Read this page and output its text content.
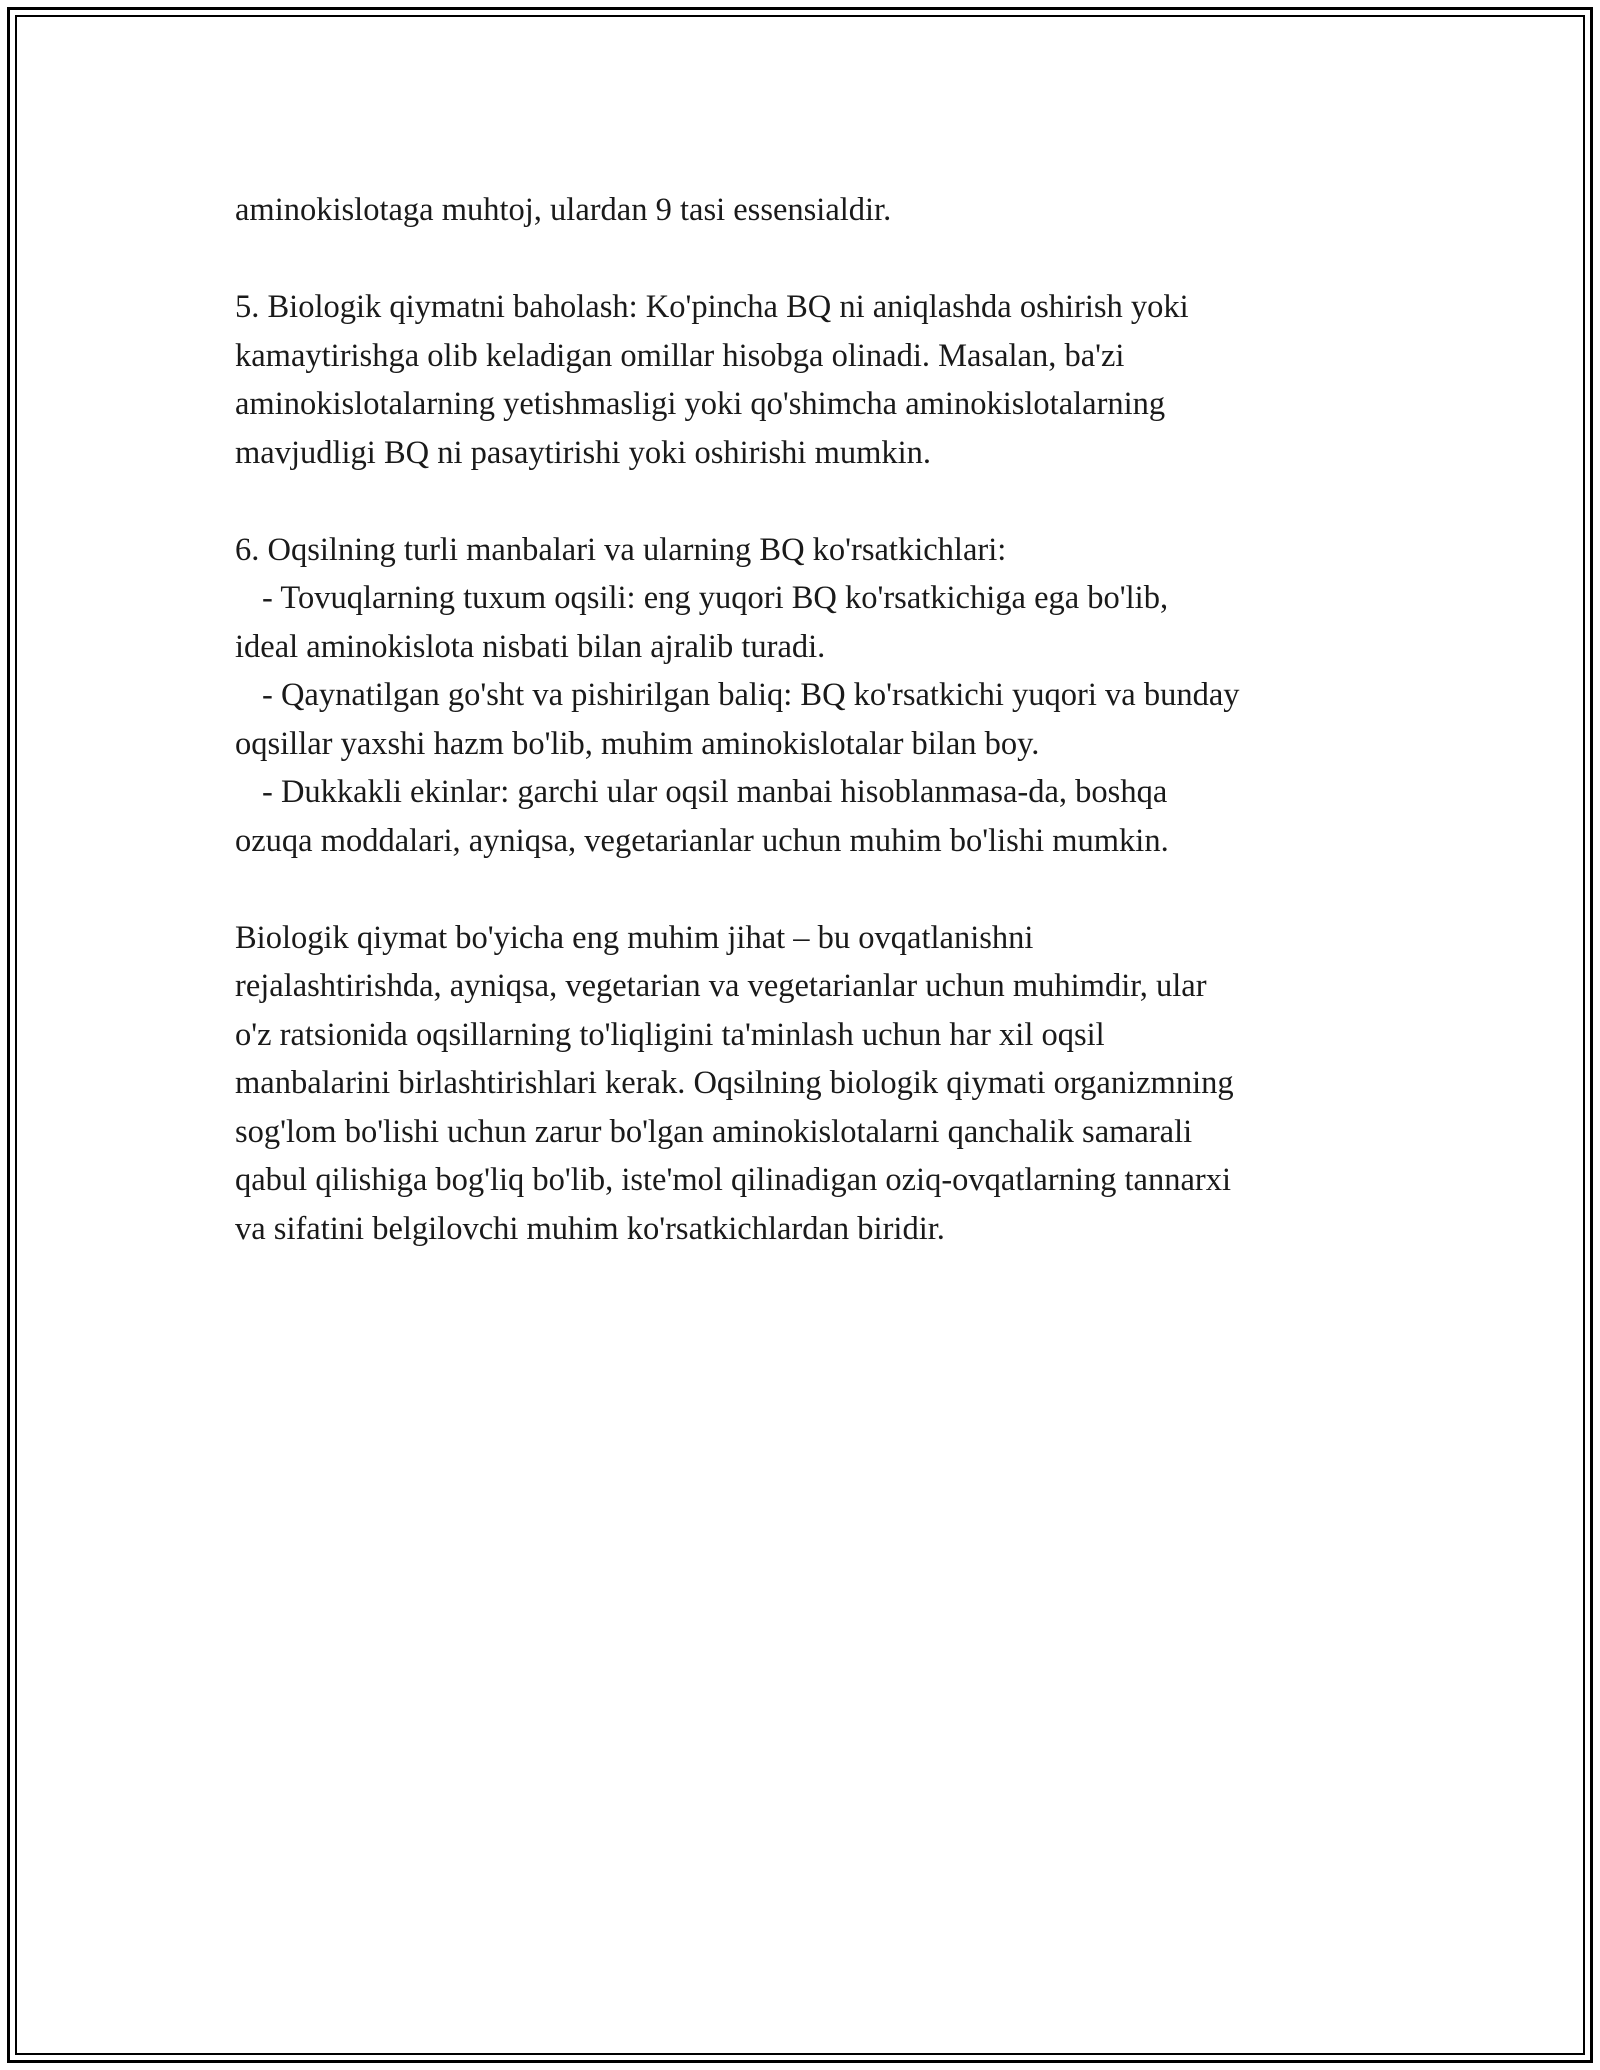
aminokislotaga muhtoj, ulardan 9 tasi essensialdir.

5. Biologik qiymatni baholash: Ko'pincha BQ ni aniqlashda oshirish yoki
kamaytirishga olib keladigan omillar hisobga olinadi. Masalan, ba'zi
aminokislotalarning yetishmasligi yoki qo'shimcha aminokislotalarning
mavjudligi BQ ni pasaytirishi yoki oshirishi mumkin.

6. Oqsilning turli manbalari va ularning BQ ko'rsatkichlari:
- Tovuqlarning tuxum oqsili: eng yuqori BQ ko'rsatkichiga ega bo'lib,
ideal aminokislota nisbati bilan ajralib turadi.
- Qaynatilgan go'sht va pishirilgan baliq: BQ ko'rsatkichi yuqori va bunday
oqsillar yaxshi hazm bo'lib, muhim aminokislotalar bilan boy.
- Dukkakli ekinlar: garchi ular oqsil manbai hisoblanmasa-da, boshqa
ozuqa moddalari, ayniqsa, vegetarianlar uchun muhim bo'lishi mumkin.

Biologik qiymat bo'yicha eng muhim jihat – bu ovqatlanishni
rejalashtirishda, ayniqsa, vegetarian va vegetarianlar uchun muhimdir, ular
o'z ratsionida oqsillarning to'liqligini ta'minlash uchun har xil oqsil
manbalarini birlashtirishlari kerak. Oqsilning biologik qiymati organizmning
sog'lom bo'lishi uchun zarur bo'lgan aminokislotalarni qanchalik samarali
qabul qilishiga bog'liq bo'lib, iste'mol qilinadigan oziq-ovqatlarning tannarxi
va sifatini belgilovchi muhim ko'rsatkichlardan biridir.
